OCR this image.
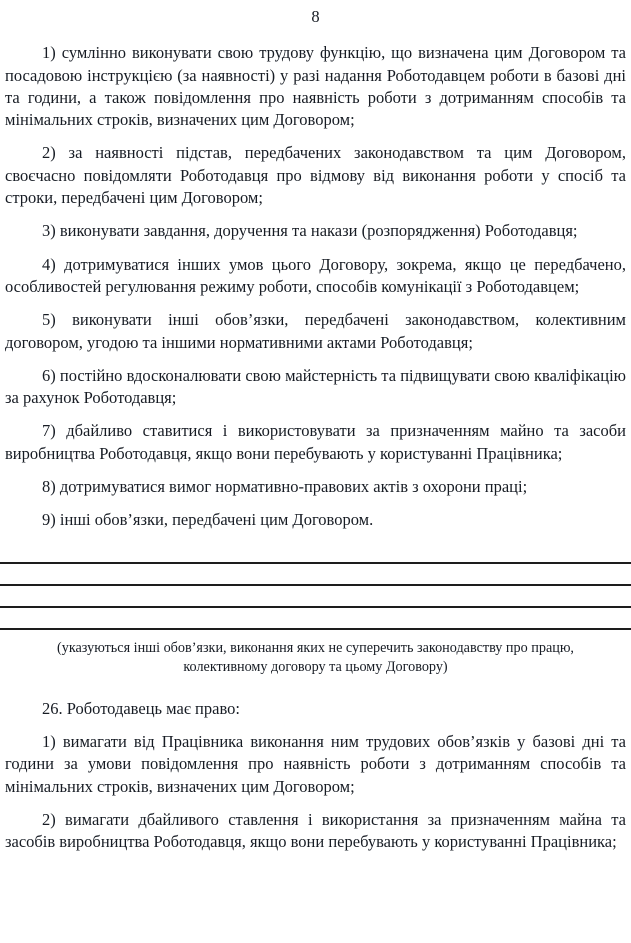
8

1) сумлінно виконувати свою трудову функцію, що визначена цим Договором та посадовою інструкцією (за наявності) у разі надання Роботодавцем роботи в базові дні та години, а також повідомлення про наявність роботи з дотриманням способів та мінімальних строків, визначених цим Договором;

2) за наявності підстав, передбачених законодавством та цим Договором, своєчасно повідомляти Роботодавця про відмову від виконання роботи у спосіб та строки, передбачені цим Договором;

3) виконувати завдання, доручення та накази (розпорядження) Роботодавця;

4) дотримуватися інших умов цього Договору, зокрема, якщо це передбачено, особливостей регулювання режиму роботи, способів комунікації з Роботодавцем;

5) виконувати інші обов’язки, передбачені законодавством, колективним договором, угодою та іншими нормативними актами Роботодавця;

6) постійно вдосконалювати свою майстерність та підвищувати свою кваліфікацію за рахунок Роботодавця;

7) дбайливо ставитися і використовувати за призначенням майно та засоби виробництва Роботодавця, якщо вони перебувають у користуванні Працівника;

8) дотримуватися вимог нормативно-правових актів з охорони праці;

9) інші обов’язки, передбачені цим Договором.

(указуються інші обов’язки, виконання яких не суперечить законодавству про працю, колективному договору та цьому Договору)

26. Роботодавець має право:

1) вимагати від Працівника виконання ним трудових обов’язків у базові дні та години за умови повідомлення про наявність роботи з дотриманням способів та мінімальних строків, визначених цим Договором;

2) вимагати дбайливого ставлення і використання за призначенням майна та засобів виробництва Роботодавця, якщо вони перебувають у користуванні Працівника;
